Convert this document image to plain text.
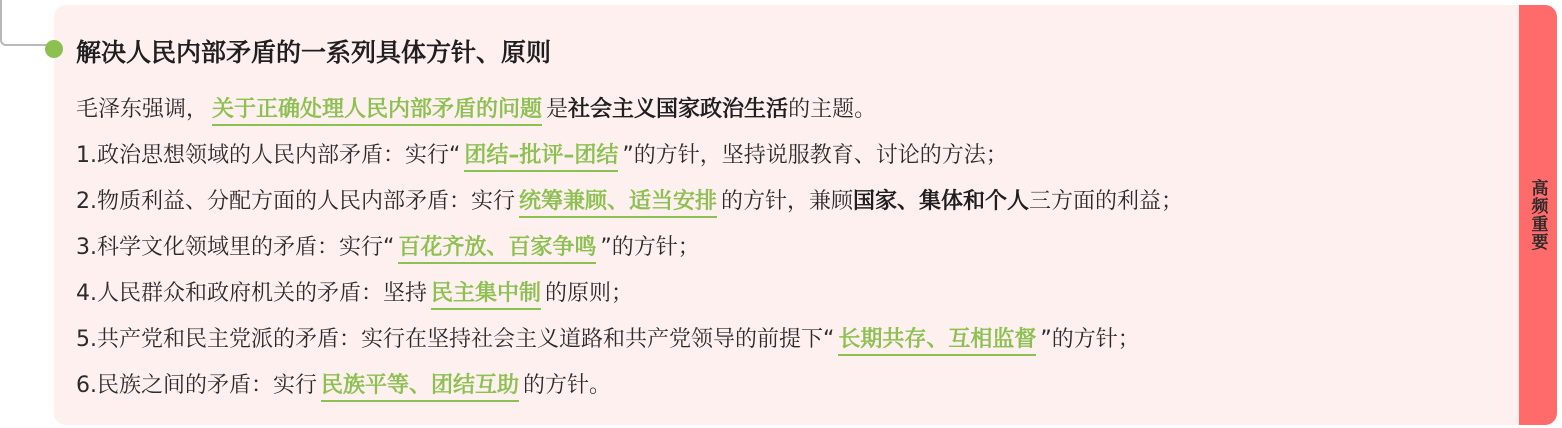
解决人民内部矛盾的一系列具体方针、原则
毛泽东强调， 关于正确处理人民内部矛盾的问题 是社会主义国家政治生活的主题。
1.政治思想领域的人民内部矛盾：实行“ 团结–批评–团结 ”的方针，坚持说服教育、讨论的方法；
2.物质利益、分配方面的人民内部矛盾：实行 统筹兼顾、适当安排 的方针，兼顾国家、集体和个人三方面的利益；
3.科学文化领域里的矛盾：实行“ 百花齐放、百家争鸣 ”的方针；
4.人民群众和政府机关的矛盾：坚持 民主集中制 的原则；
5.共产党和民主党派的矛盾：实行在坚持社会主义道路和共产党领导的前提下“ 长期共存、互相监督 ”的方针；
6.民族之间的矛盾：实行 民族平等、团结互助 的方针。
高频重要
